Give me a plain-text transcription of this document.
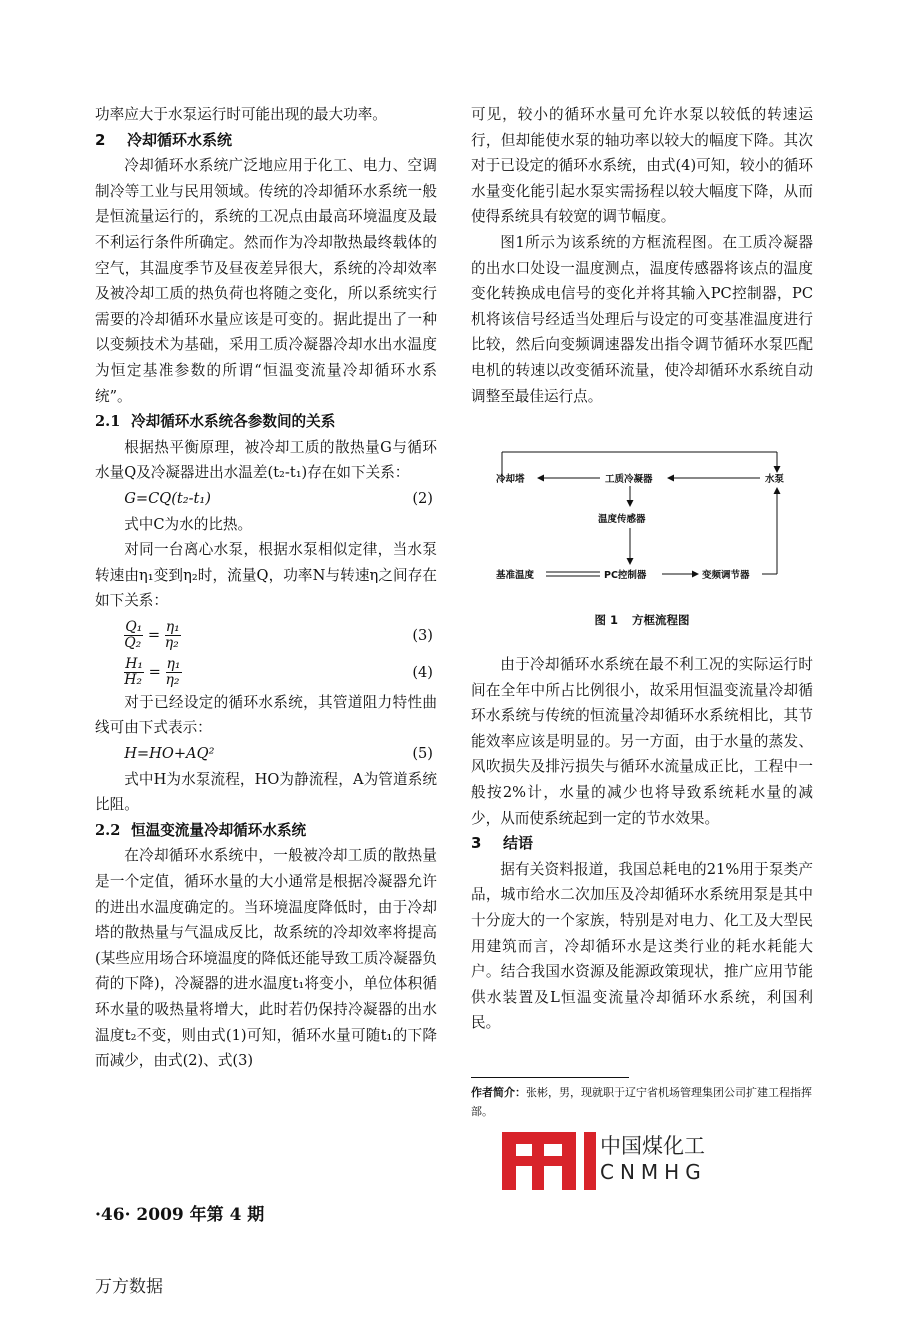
功率应大于水泵运行时可能出现的最大功率。

2 冷却循环水系统

冷却循环水系统广泛地应用于化工、电力、空调制冷等工业与民用领域。传统的冷却循环水系统一般是恒流量运行的，系统的工况点由最高环境温度及最不利运行条件所确定。然而作为冷却散热最终载体的空气，其温度季节及昼夜差异很大，系统的冷却效率及被冷却工质的热负荷也将随之变化，所以系统实行需要的冷却循环水量应该是可变的。据此提出了一种以变频技术为基础，采用工质冷凝器冷却水出水温度为恒定基准参数的所谓“恒温变流量冷却循环水系统”。

2.1 冷却循环水系统各参数间的关系

根据热平衡原理，被冷却工质的散热量G与循环水量Q及冷凝器进出水温差(t₂-t₁)存在如下关系：

G=CQ(t₂-t₁)	(2)

式中C为水的比热。

对同一台离心水泵，根据水泵相似定律，当水泵转速由η₁变到η₂时，流量Q，功率N与转速η之间存在如下关系：

$\frac{\text{Q₁}}{\text{Q₂}} = \frac{\text{η₁}}{\text{η₂}}$	(3)
$\frac{\text{H₁}}{\text{H₂}} = \frac{\text{η₁}}{\text{η₂}}$	(4)

对于已经设定的循环水系统，其管道阻力特性曲线可由下式表示：

H=HO+AQ²	(5)

式中H为水泵流程，HO为静流程，A为管道系统比阻。

2.2 恒温变流量冷却循环水系统

在冷却循环水系统中，一般被冷却工质的散热量是一个定值，循环水量的大小通常是根据冷凝器允许的进出水温度确定的。当环境温度降低时，由于冷却塔的散热量与气温成反比，故系统的冷却效率将提高(某些应用场合环境温度的降低还能导致工质冷凝器负荷的下降)，冷凝器的进水温度t₁将变小，单位体积循环水量的吸热量将增大，此时若仍保持冷凝器的出水温度t₂不变，则由式(1)可知，循环水量可随t₁的下降而减少，由式(2)、式(3)

可见，较小的循环水量可允许水泵以较低的转速运行，但却能使水泵的轴功率以较大的幅度下降。其次对于已设定的循环水系统，由式(4)可知，较小的循环水量变化能引起水泵实需扬程以较大幅度下降，从而使得系统具有较宽的调节幅度。

图1所示为该系统的方框流程图。在工质冷凝器的出水口处设一温度测点，温度传感器将该点的温度变化转换成电信号的变化并将其输入PC控制器，PC机将该信号经适当处理后与设定的可变基准温度进行比较，然后向变频调速器发出指令调节循环水泵匹配电机的转速以改变循环流量，使冷却循环水系统自动调整至最佳运行点。

冷却塔	工质冷凝器	水泵
温度传感器
基准温度	PC控制器	变频调节器
图 1 方框流程图

由于冷却循环水系统在最不利工况的实际运行时间在全年中所占比例很小，故采用恒温变流量冷却循环水系统与传统的恒流量冷却循环水系统相比，其节能效率应该是明显的。另一方面，由于水量的蒸发、风吹损失及排污损失与循环水流量成正比，工程中一般按2%计，水量的减少也将导致系统耗水量的减少，从而使系统起到一定的节水效果。

3 结语

据有关资料报道，我国总耗电的21%用于泵类产品，城市给水二次加压及冷却循环水系统用泵是其中十分庞大的一个家族，特别是对电力、化工及大型民用建筑而言，冷却循环水是这类行业的耗水耗能大户。结合我国水资源及能源政策现状，推广应用节能供水装置及L恒温变流量冷却循环水系统，利国利民。

作者简介：张彬，男，现就职于辽宁省机场管理集团公司扩建工程指挥部。
中国煤化工
CNMHG
·46· 2009 年第 4 期
万方数据
